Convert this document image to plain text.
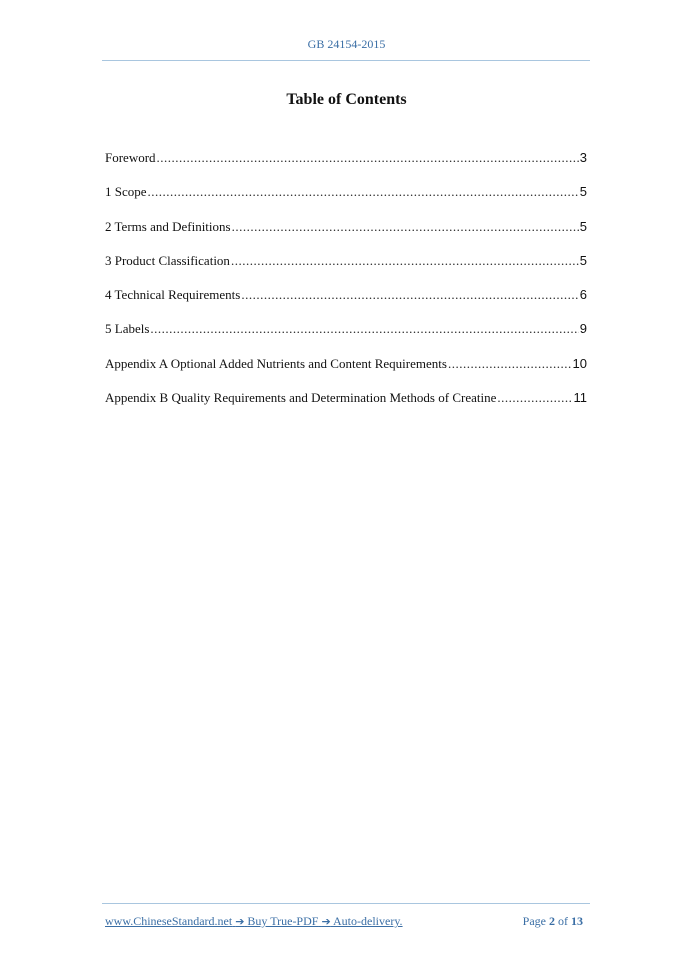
GB 24154-2015
Table of Contents
Foreword .....	3
1 Scope .....	5
2 Terms and Definitions .....	5
3 Product Classification .....	5
4 Technical Requirements .....	6
5 Labels .....	9
Appendix A Optional Added Nutrients and Content Requirements .....	10
Appendix B Quality Requirements and Determination Methods of Creatine .....	11
www.ChineseStandard.net ➔ Buy True-PDF ➔ Auto-delivery.	Page 2 of 13
